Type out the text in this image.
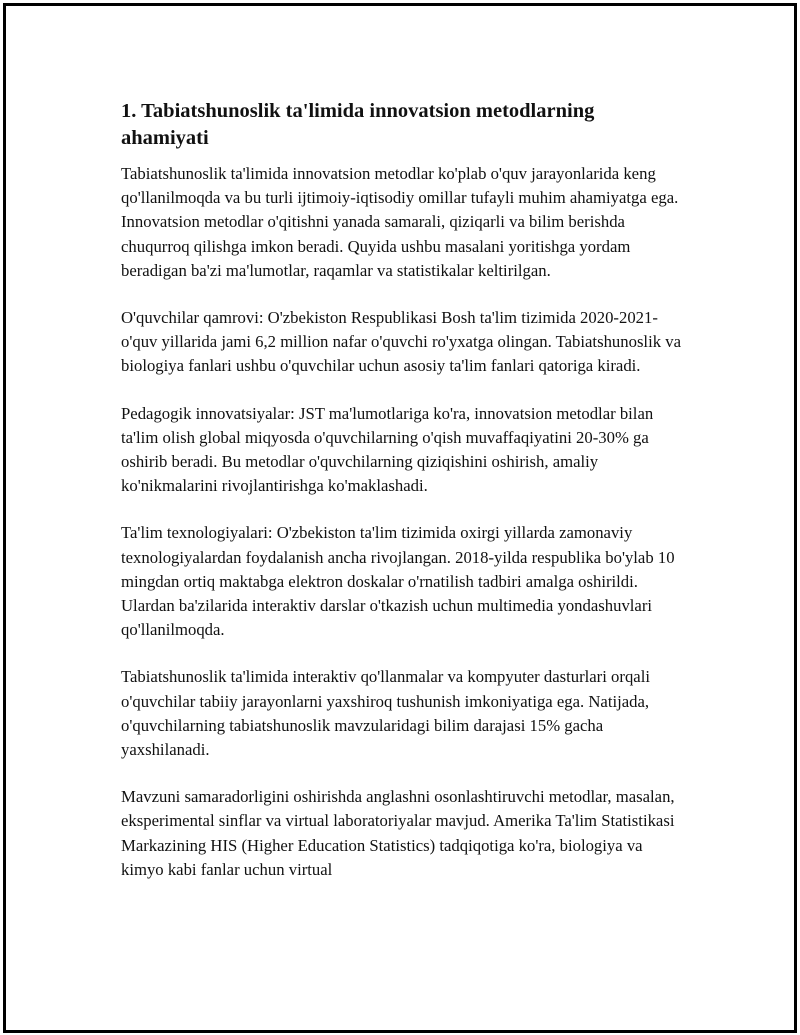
1. Tabiatshunoslik ta'limida innovatsion metodlarning ahamiyati

Tabiatshunoslik ta'limida innovatsion metodlar ko'plab o'quv jarayonlarida keng qo'llanilmoqda va bu turli ijtimoiy-iqtisodiy omillar tufayli muhim ahamiyatga ega. Innovatsion metodlar o'qitishni yanada samarali, qiziqarli va bilim berishda chuqurroq qilishga imkon beradi. Quyida ushbu masalani yoritishga yordam beradigan ba'zi ma'lumotlar, raqamlar va statistikalar keltirilgan.

O'quvchilar qamrovi: O'zbekiston Respublikasi Bosh ta'lim tizimida 2020-2021-o'quv yillarida jami 6,2 million nafar o'quvchi ro'yxatga olingan. Tabiatshunoslik va biologiya fanlari ushbu o'quvchilar uchun asosiy ta'lim fanlari qatoriga kiradi.

Pedagogik innovatsiyalar: JST ma'lumotlariga ko'ra, innovatsion metodlar bilan ta'lim olish global miqyosda o'quvchilarning o'qish muvaffaqiyatini 20-30% ga oshirib beradi. Bu metodlar o'quvchilarning qiziqishini oshirish, amaliy ko'nikmalarini rivojlantirishga ko'maklashadi.

Ta'lim texnologiyalari: O'zbekiston ta'lim tizimida oxirgi yillarda zamonaviy texnologiyalardan foydalanish ancha rivojlangan. 2018-yilda respublika bo'ylab 10 mingdan ortiq maktabga elektron doskalar o'rnatilish tadbiri amalga oshirildi. Ulardan ba'zilarida interaktiv darslar o'tkazish uchun multimedia yondashuvlari qo'llanilmoqda.

Tabiatshunoslik ta'limida interaktiv qo'llanmalar va kompyuter dasturlari orqali o'quvchilar tabiiy jarayonlarni yaxshiroq tushunish imkoniyatiga ega. Natijada, o'quvchilarning tabiatshunoslik mavzularidagi bilim darajasi 15% gacha yaxshilanadi.

Mavzuni samaradorligini oshirishda anglashni osonlashtiruvchi metodlar, masalan, eksperimental sinflar va virtual laboratoriyalar mavjud. Amerika Ta'lim Statistikasi Markazining HIS (Higher Education Statistics) tadqiqotiga ko'ra, biologiya va kimyo kabi fanlar uchun virtual
